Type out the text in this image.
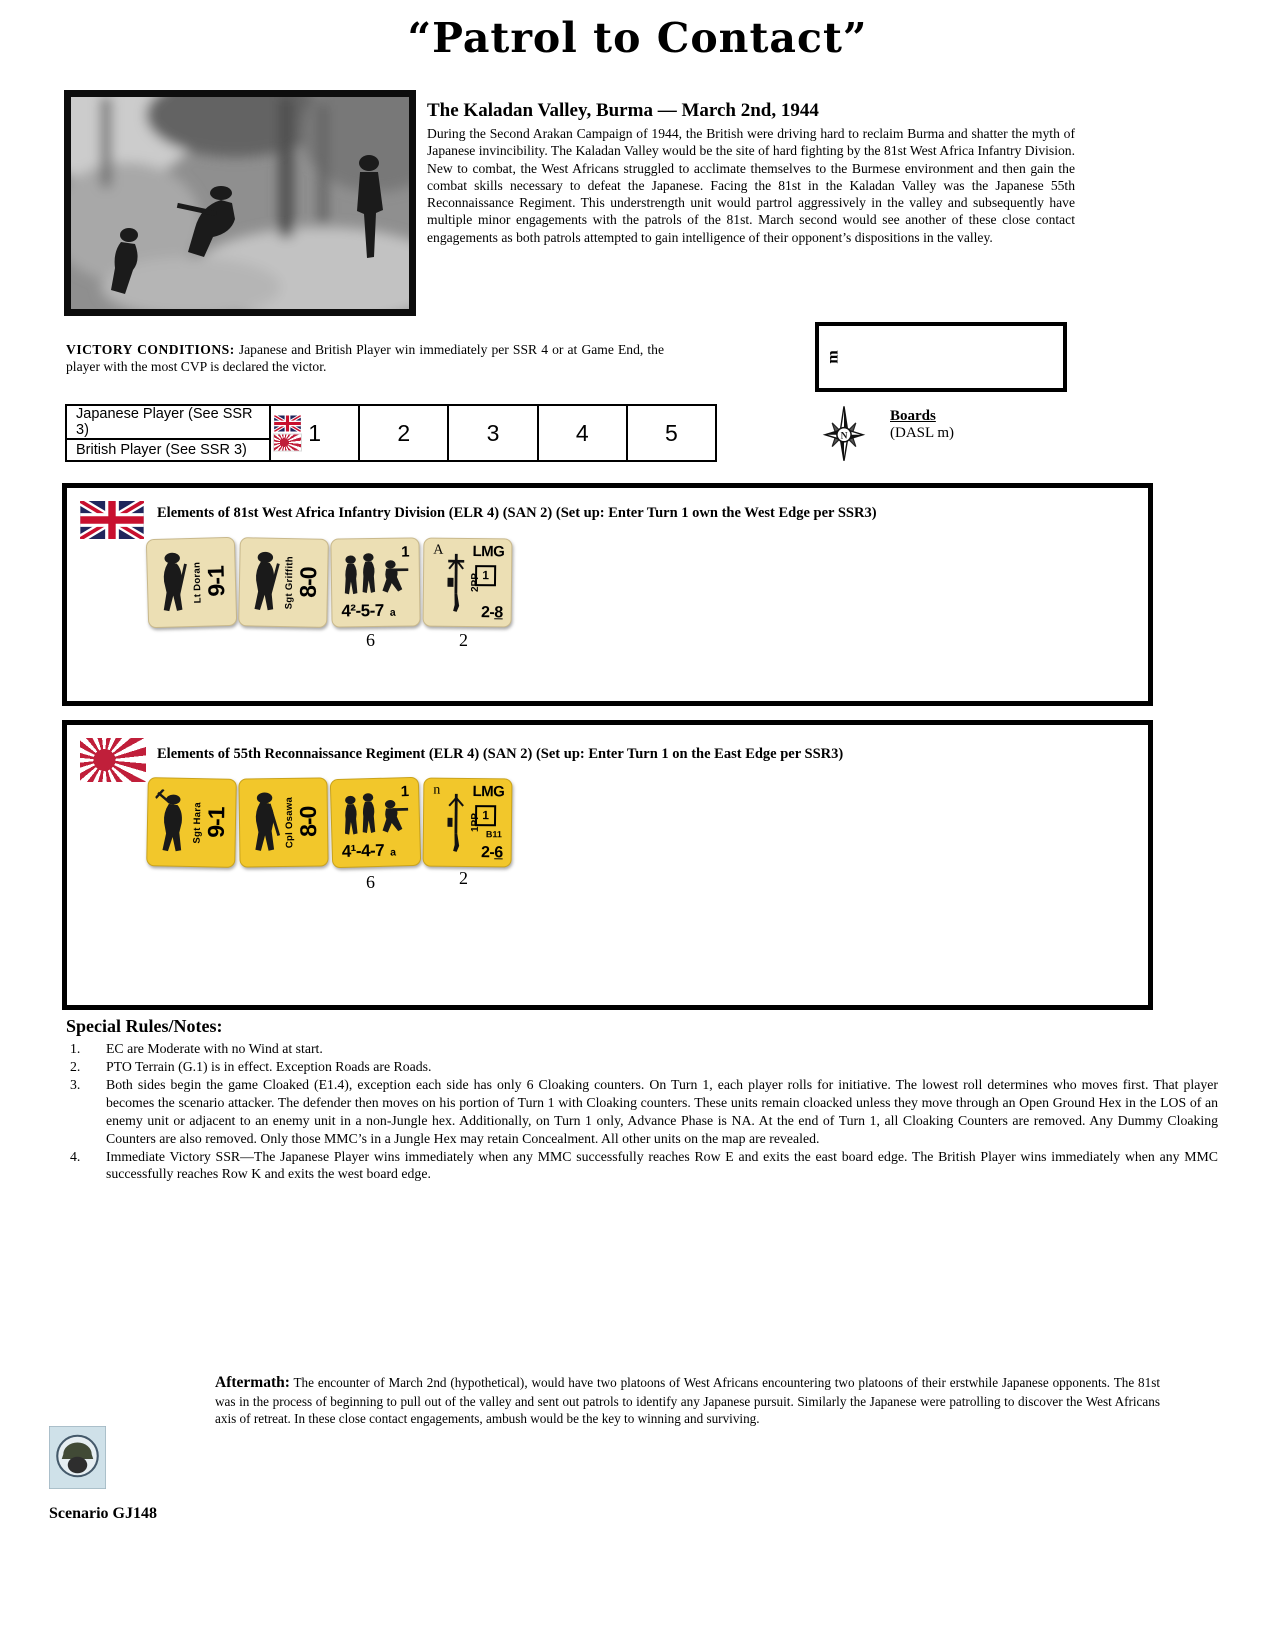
“Patrol to Contact”
The Kaladan Valley, Burma — March 2nd, 1944

During the Second Arakan Campaign of 1944, the British were driving hard to reclaim Burma and shatter the myth of Japanese invincibility. The Kaladan Valley would be the site of hard fighting by the 81st West Africa Infantry Division. New to combat, the West Africans struggled to acclimate themselves to the Burmese environment and then gain the combat skills necessary to defeat the Japanese. Facing the 81st in the Kaladan Valley was the Japanese 55th Reconnaissance Regiment. This understrength unit would partrol aggressively in the valley and subsequently have multiple minor engagements with the patrols of the 81st. March second would see another of these close contact engagements as both patrols attempted to gain intelligence of their opponent’s dispositions in the valley.

VICTORY CONDITIONS: Japanese and British Player win immediately per SSR 4 or at Game End, the player with the most CVP is declared the victor.

m
N
Boards
(DASL m)
Japanese Player (See SSR 3)
British Player (See SSR 3)
1	2	3	4	5
Elements of 81st West Africa Infantry Division (ELR 4) (SAN 2) (Set up: Enter Turn 1 own the West Edge per SSR3)
Lt Doran
9-1	Sgt Griffith 8-0
1
4²-5-7 a
A LMG
2PP 1
2-8
6	2
Elements of 55th Reconnaissance Regiment (ELR 4) (SAN 2) (Set up: Enter Turn 1 on the East Edge per SSR3)
Sgt Hara 9-1	Cpl Osawa 8-0
1
4¹-4-7 a
n LMG
1PP 1
B11
2-6
6	2
Special Rules/Notes:
1.	EC are Moderate with no Wind at start.
2.	PTO Terrain (G.1) is in effect. Exception Roads are Roads.
3.	Both sides begin the game Cloaked (E1.4), exception each side has only 6 Cloaking counters. On Turn 1, each player rolls for initiative. The lowest roll determines who moves first. That player becomes the scenario attacker. The defender then moves on his portion of Turn 1 with Cloaking counters. These units remain cloacked unless they move through an Open Ground Hex in the LOS of an enemy unit or adjacent to an enemy unit in a non-Jungle hex. Additionally, on Turn 1 only, Advance Phase is NA. At the end of Turn 1, all Cloaking Counters are removed. Any Dummy Cloaking Counters are also removed. Only those MMC’s in a Jungle Hex may retain Concealment. All other units on the map are revealed.
4.	Immediate Victory SSR—The Japanese Player wins immediately when any MMC successfully reaches Row E and exits the east board edge. The British Player wins immediately when any MMC successfully reaches Row K and exits the west board edge.

Aftermath: The encounter of March 2nd (hypothetical), would have two platoons of West Africans encountering two platoons of their erstwhile Japanese opponents. The 81st was in the process of beginning to pull out of the valley and sent out patrols to identify any Japanese pursuit. Similarly the Japanese were patrolling to discover the West Africans axis of retreat. In these close contact engagements, ambush would be the key to winning and surviving.

Scenario GJ148
